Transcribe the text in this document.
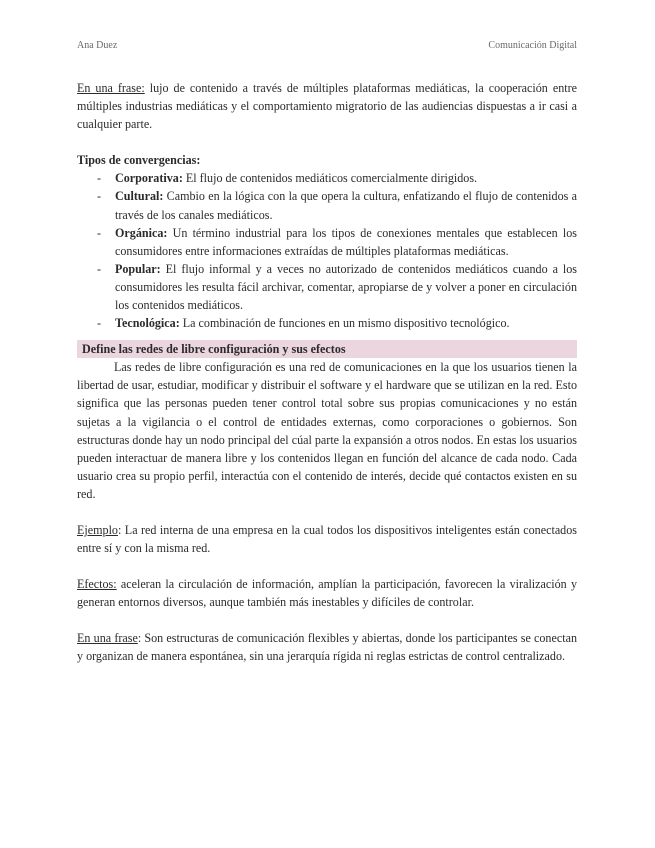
Ana Duez	Comunicación Digital

En una frase: lujo de contenido a través de múltiples plataformas mediáticas, la cooperación entre múltiples industrias mediáticas y el comportamiento migratorio de las audiencias dispuestas a ir casi a cualquier parte.

Tipos de convergencias:

- Corporativa: El flujo de contenidos mediáticos comercialmente dirigidos.
- Cultural: Cambio en la lógica con la que opera la cultura, enfatizando el flujo de contenidos a través de los canales mediáticos.
- Orgánica: Un término industrial para los tipos de conexiones mentales que establecen los consumidores entre informaciones extraídas de múltiples plataformas mediáticas.
- Popular: El flujo informal y a veces no autorizado de contenidos mediáticos cuando a los consumidores les resulta fácil archivar, comentar, apropiarse de y volver a poner en circulación los contenidos mediáticos.
- Tecnológica: La combinación de funciones en un mismo dispositivo tecnológico.
Define las redes de libre configuración y sus efectos

Las redes de libre configuración es una red de comunicaciones en la que los usuarios tienen la libertad de usar, estudiar, modificar y distribuir el software y el hardware que se utilizan en la red. Esto significa que las personas pueden tener control total sobre sus propias comunicaciones y no están sujetas a la vigilancia o el control de entidades externas, como corporaciones o gobiernos. Son estructuras donde hay un nodo principal del cúal parte la expansión a otros nodos. En estas los usuarios pueden interactuar de manera libre y los contenidos llegan en función del alcance de cada nodo. Cada usuario crea su propio perfil, interactúa con el contenido de interés, decide qué contactos existen en su red.

Ejemplo: La red interna de una empresa en la cual todos los dispositivos inteligentes están conectados entre sí y con la misma red.

Efectos: aceleran la circulación de información, amplían la participación, favorecen la viralización y generan entornos diversos, aunque también más inestables y difíciles de controlar.

En una frase: Son estructuras de comunicación flexibles y abiertas, donde los participantes se conectan y organizan de manera espontánea, sin una jerarquía rígida ni reglas estrictas de control centralizado.
